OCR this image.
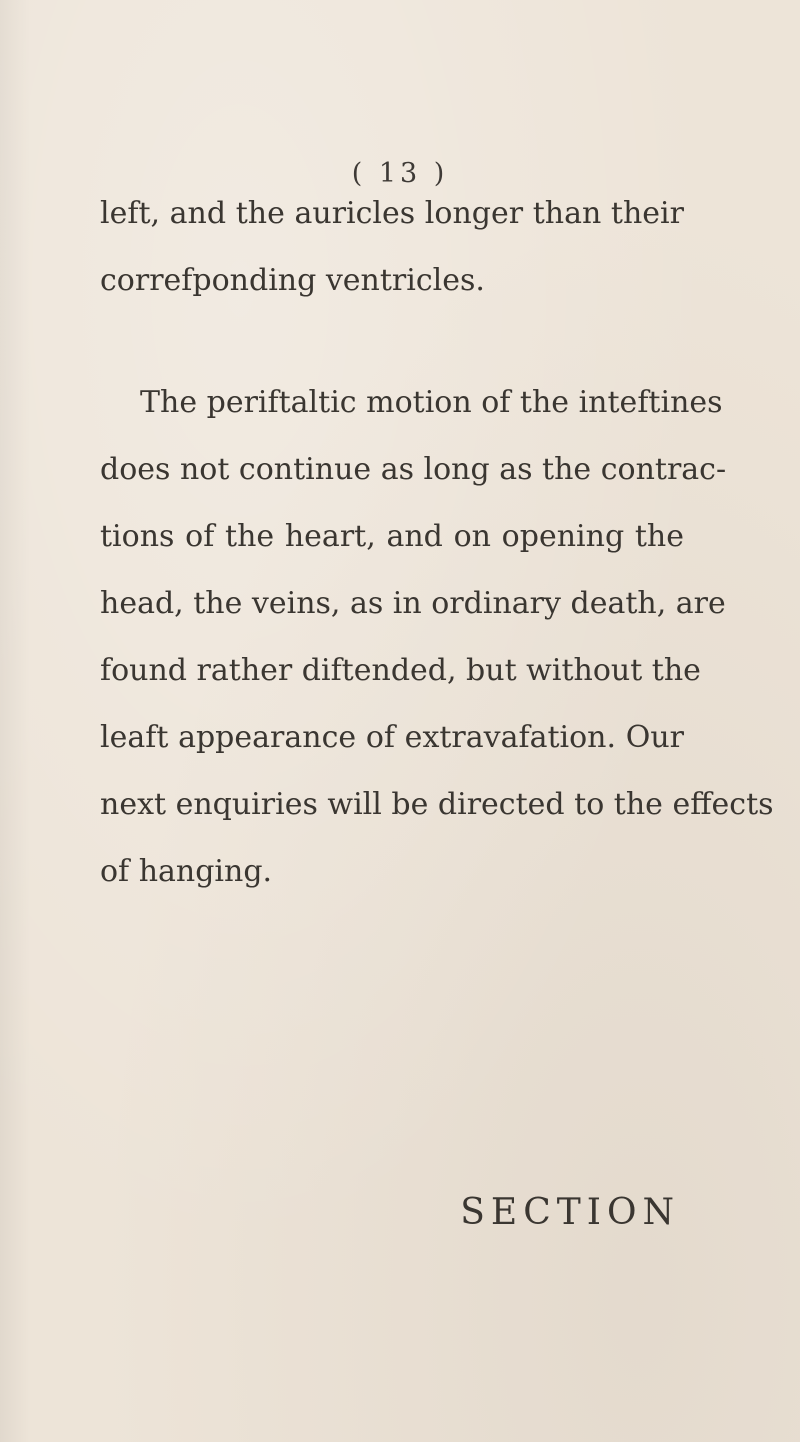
( 13 )
left, and the auricles longer than their
correfponding ventricles.
The periftaltic motion of the inteftines
does not continue as long as the contrac-
tions of the heart, and on opening the
head, the veins, as in ordinary death, are
found rather diftended, but without the
leaft appearance of extravafation. Our
next enquiries will be directed to the effects
of hanging.
SECTION
